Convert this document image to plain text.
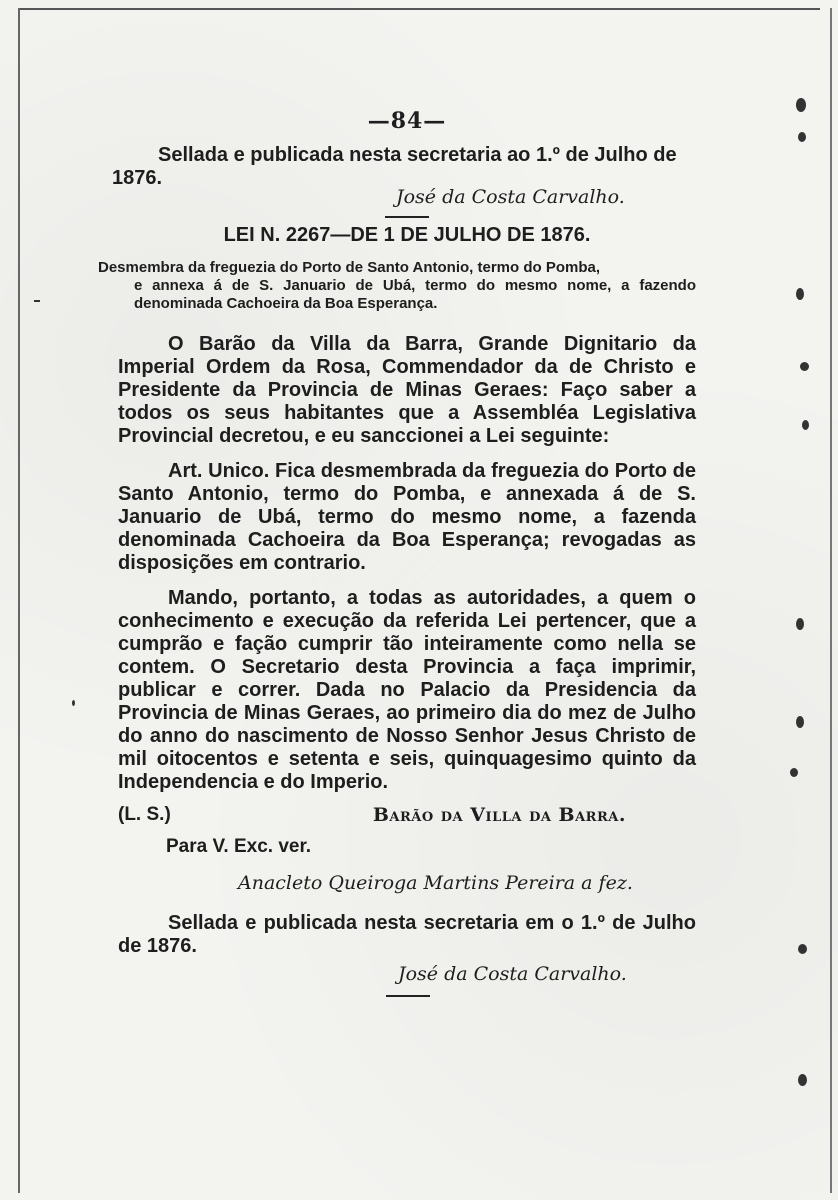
—84—
Sellada e publicada nesta secretaria ao 1.º de Julho de
1876.
José da Costa Carvalho.
LEI N. 2267—DE 1 DE JULHO DE 1876.
Desmembra da freguezia do Porto de Santo Antonio, termo do Pomba,
e annexa á de S. Januario de Ubá, termo do mesmo nome, a fazendo denominada Cachoeira da Boa Esperança.
O Barão da Villa da Barra, Grande Dignitario da Imperial Ordem da Rosa, Commendador da de Christo e Presidente da Provincia de Minas Geraes: Faço saber a todos os seus habitantes que a Assembléa Legislativa Provincial decretou, e eu sanccionei a Lei seguinte:
Art. Unico. Fica desmembrada da freguezia do Porto de Santo Antonio, termo do Pomba, e annexada á de S. Januario de Ubá, termo do mesmo nome, a fazenda denominada Cachoeira da Boa Esperança; revogadas as disposições em contrario.
Mando, portanto, a todas as autoridades, a quem o conhecimento e execução da referida Lei pertencer, que a cumprão e fação cumprir tão inteiramente como nella se contem. O Secretario desta Provincia a faça imprimir, publicar e correr. Dada no Palacio da Presidencia da Provincia de Minas Geraes, ao primeiro dia do mez de Julho do anno do nascimento de Nosso Senhor Jesus Christo de mil oitocentos e setenta e seis, quinquagesimo quinto da Independencia e do Imperio.
(L. S.)	Barão da Villa da Barra.
Para V. Exc. ver.
Anacleto Queiroga Martins Pereira a fez.
Sellada e publicada nesta secretaria em o 1.º de Julho de 1876.
José da Costa Carvalho.
